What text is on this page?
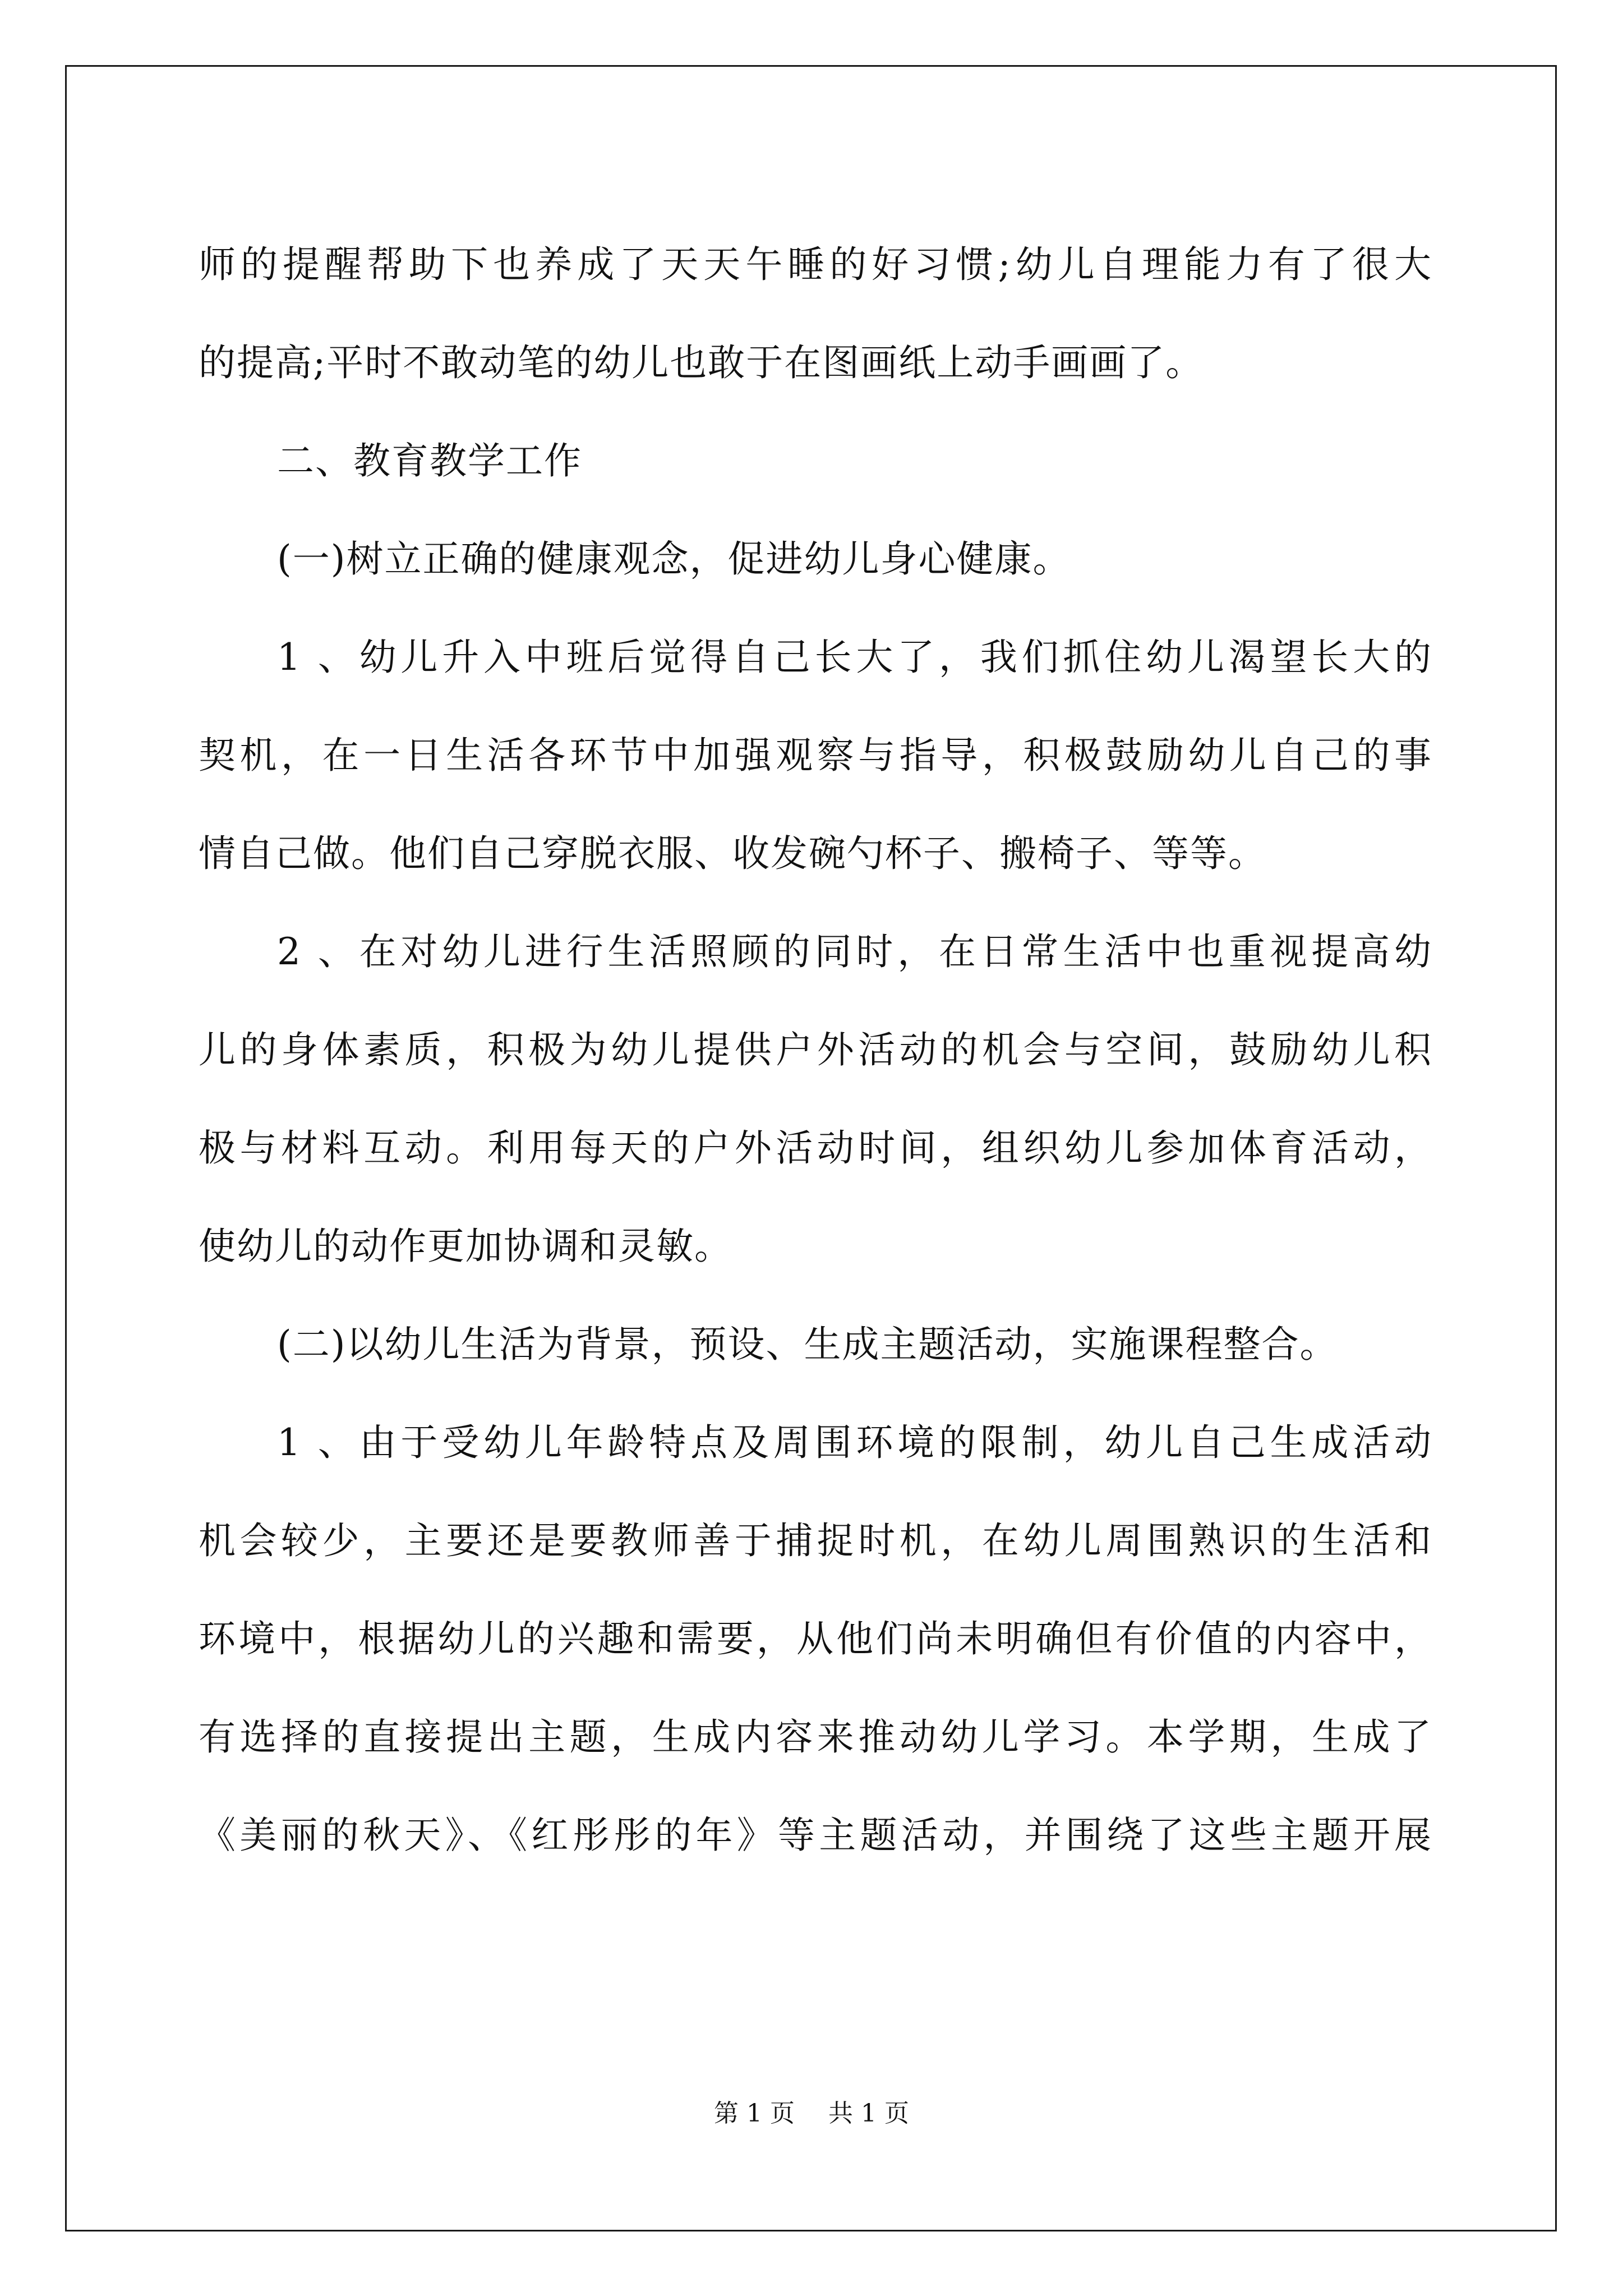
师的提醒帮助下也养成了天天午睡的好习惯;幼儿自理能力有了很大
的提高;平时不敢动笔的幼儿也敢于在图画纸上动手画画了。
二、教育教学工作
(一)树立正确的健康观念，促进幼儿身心健康。
1 、幼儿升入中班后觉得自己长大了，我们抓住幼儿渴望长大的
契机，在一日生活各环节中加强观察与指导，积极鼓励幼儿自己的事
情自己做。他们自己穿脱衣服、收发碗勺杯子、搬椅子、等等。
2 、在对幼儿进行生活照顾的同时，在日常生活中也重视提高幼
儿的身体素质，积极为幼儿提供户外活动的机会与空间，鼓励幼儿积
极与材料互动。利用每天的户外活动时间，组织幼儿参加体育活动，
使幼儿的动作更加协调和灵敏。
(二)以幼儿生活为背景，预设、生成主题活动，实施课程整合。
1 、由于受幼儿年龄特点及周围环境的限制，幼儿自己生成活动
机会较少，主要还是要教师善于捕捉时机，在幼儿周围熟识的生活和
环境中，根据幼儿的兴趣和需要，从他们尚未明确但有价值的内容中，
有选择的直接提出主题，生成内容来推动幼儿学习。本学期，生成了
《美丽的秋天》、《红彤彤的年》等主题活动，并围绕了这些主题开展
第 1 页 共 1 页
